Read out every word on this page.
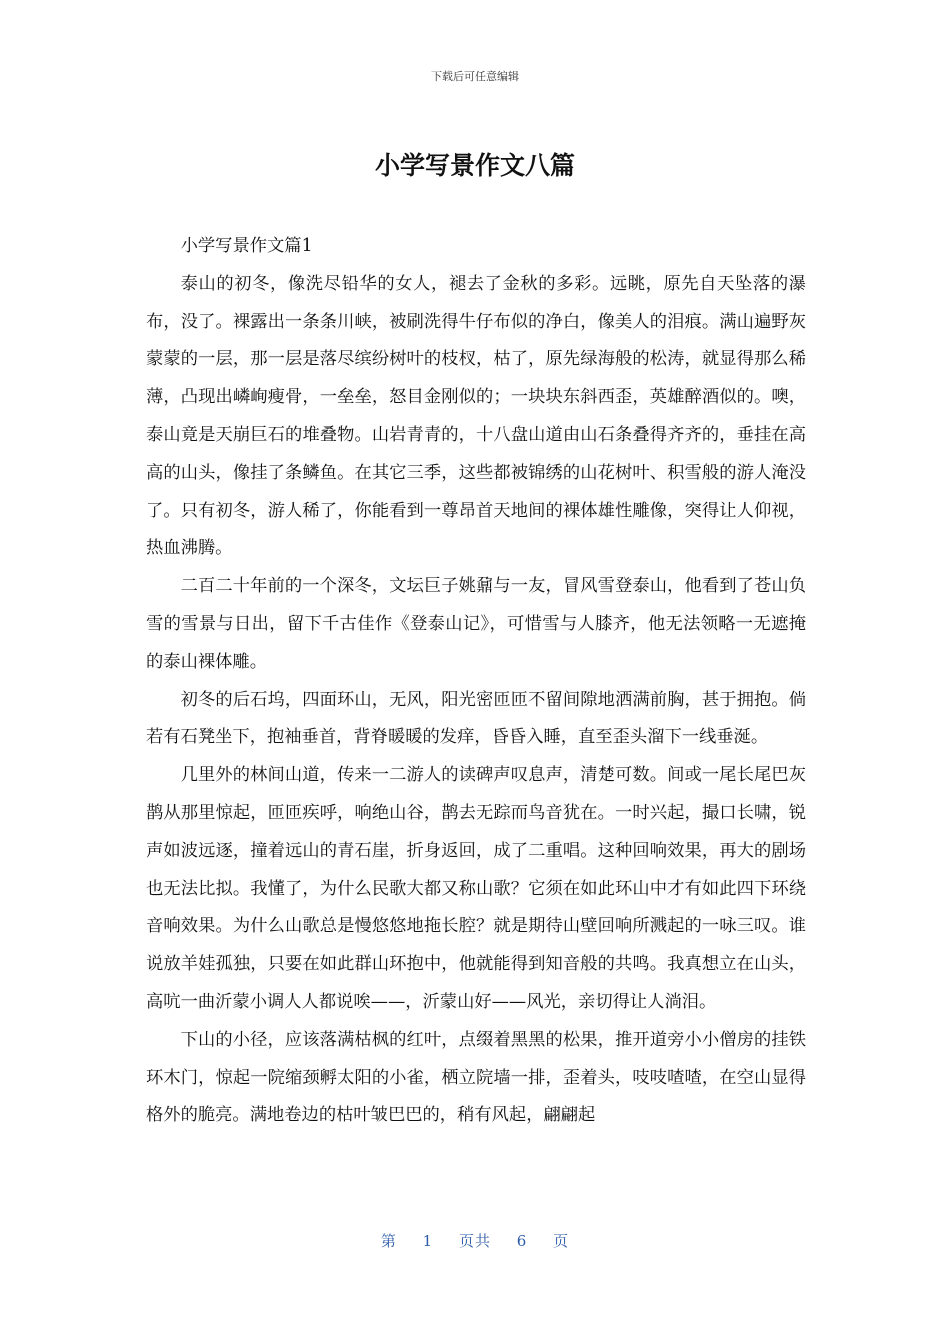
下载后可任意编辑
小学写景作文八篇

小学写景作文篇1

泰山的初冬，像洗尽铅华的女人，褪去了金秋的多彩。远眺，原先自天坠落的瀑布，没了。裸露出一条条川峡，被刷洗得牛仔布似的净白，像美人的泪痕。满山遍野灰蒙蒙的一层，那一层是落尽缤纷树叶的枝杈，枯了，原先绿海般的松涛，就显得那么稀薄，凸现出嶙峋瘦骨，一垒垒，怒目金刚似的；一块块东斜西歪，英雄醉酒似的。噢，泰山竟是天崩巨石的堆叠物。山岩青青的，十八盘山道由山石条叠得齐齐的，垂挂在高高的山头，像挂了条鳞鱼。在其它三季，这些都被锦绣的山花树叶、积雪般的游人淹没了。只有初冬，游人稀了，你能看到一尊昂首天地间的裸体雄性雕像，突得让人仰视，热血沸腾。

二百二十年前的一个深冬，文坛巨子姚鼐与一友，冒风雪登泰山，他看到了苍山负雪的雪景与日出，留下千古佳作《登泰山记》，可惜雪与人膝齐，他无法领略一无遮掩的泰山裸体雕。

初冬的后石坞，四面环山，无风，阳光密匝匝不留间隙地洒满前胸，甚于拥抱。倘若有石凳坐下，抱袖垂首，背脊暖暖的发痒，昏昏入睡，直至歪头溜下一线垂涎。

几里外的林间山道，传来一二游人的读碑声叹息声，清楚可数。间或一尾长尾巴灰鹊从那里惊起，匝匝疾呼，响绝山谷，鹊去无踪而鸟音犹在。一时兴起，撮口长啸，锐声如波远逐，撞着远山的青石崖，折身返回，成了二重唱。这种回响效果，再大的剧场也无法比拟。我懂了，为什么民歌大都又称山歌？它须在如此环山中才有如此四下环绕音响效果。为什么山歌总是慢悠悠地拖长腔？就是期待山壁回响所溅起的一咏三叹。谁说放羊娃孤独，只要在如此群山环抱中，他就能得到知音般的共鸣。我真想立在山头，高吭一曲沂蒙小调人人都说唉——，沂蒙山好——风光，亲切得让人淌泪。

下山的小径，应该落满枯枫的红叶，点缀着黑黑的松果，推开道旁小小僧房的挂铁环木门，惊起一院缩颈孵太阳的小雀，栖立院墙一排，歪着头，吱吱喳喳，在空山显得格外的脆亮。满地卷边的枯叶皱巴巴的，稍有风起，翩翩起

第 1 页共 6 页
